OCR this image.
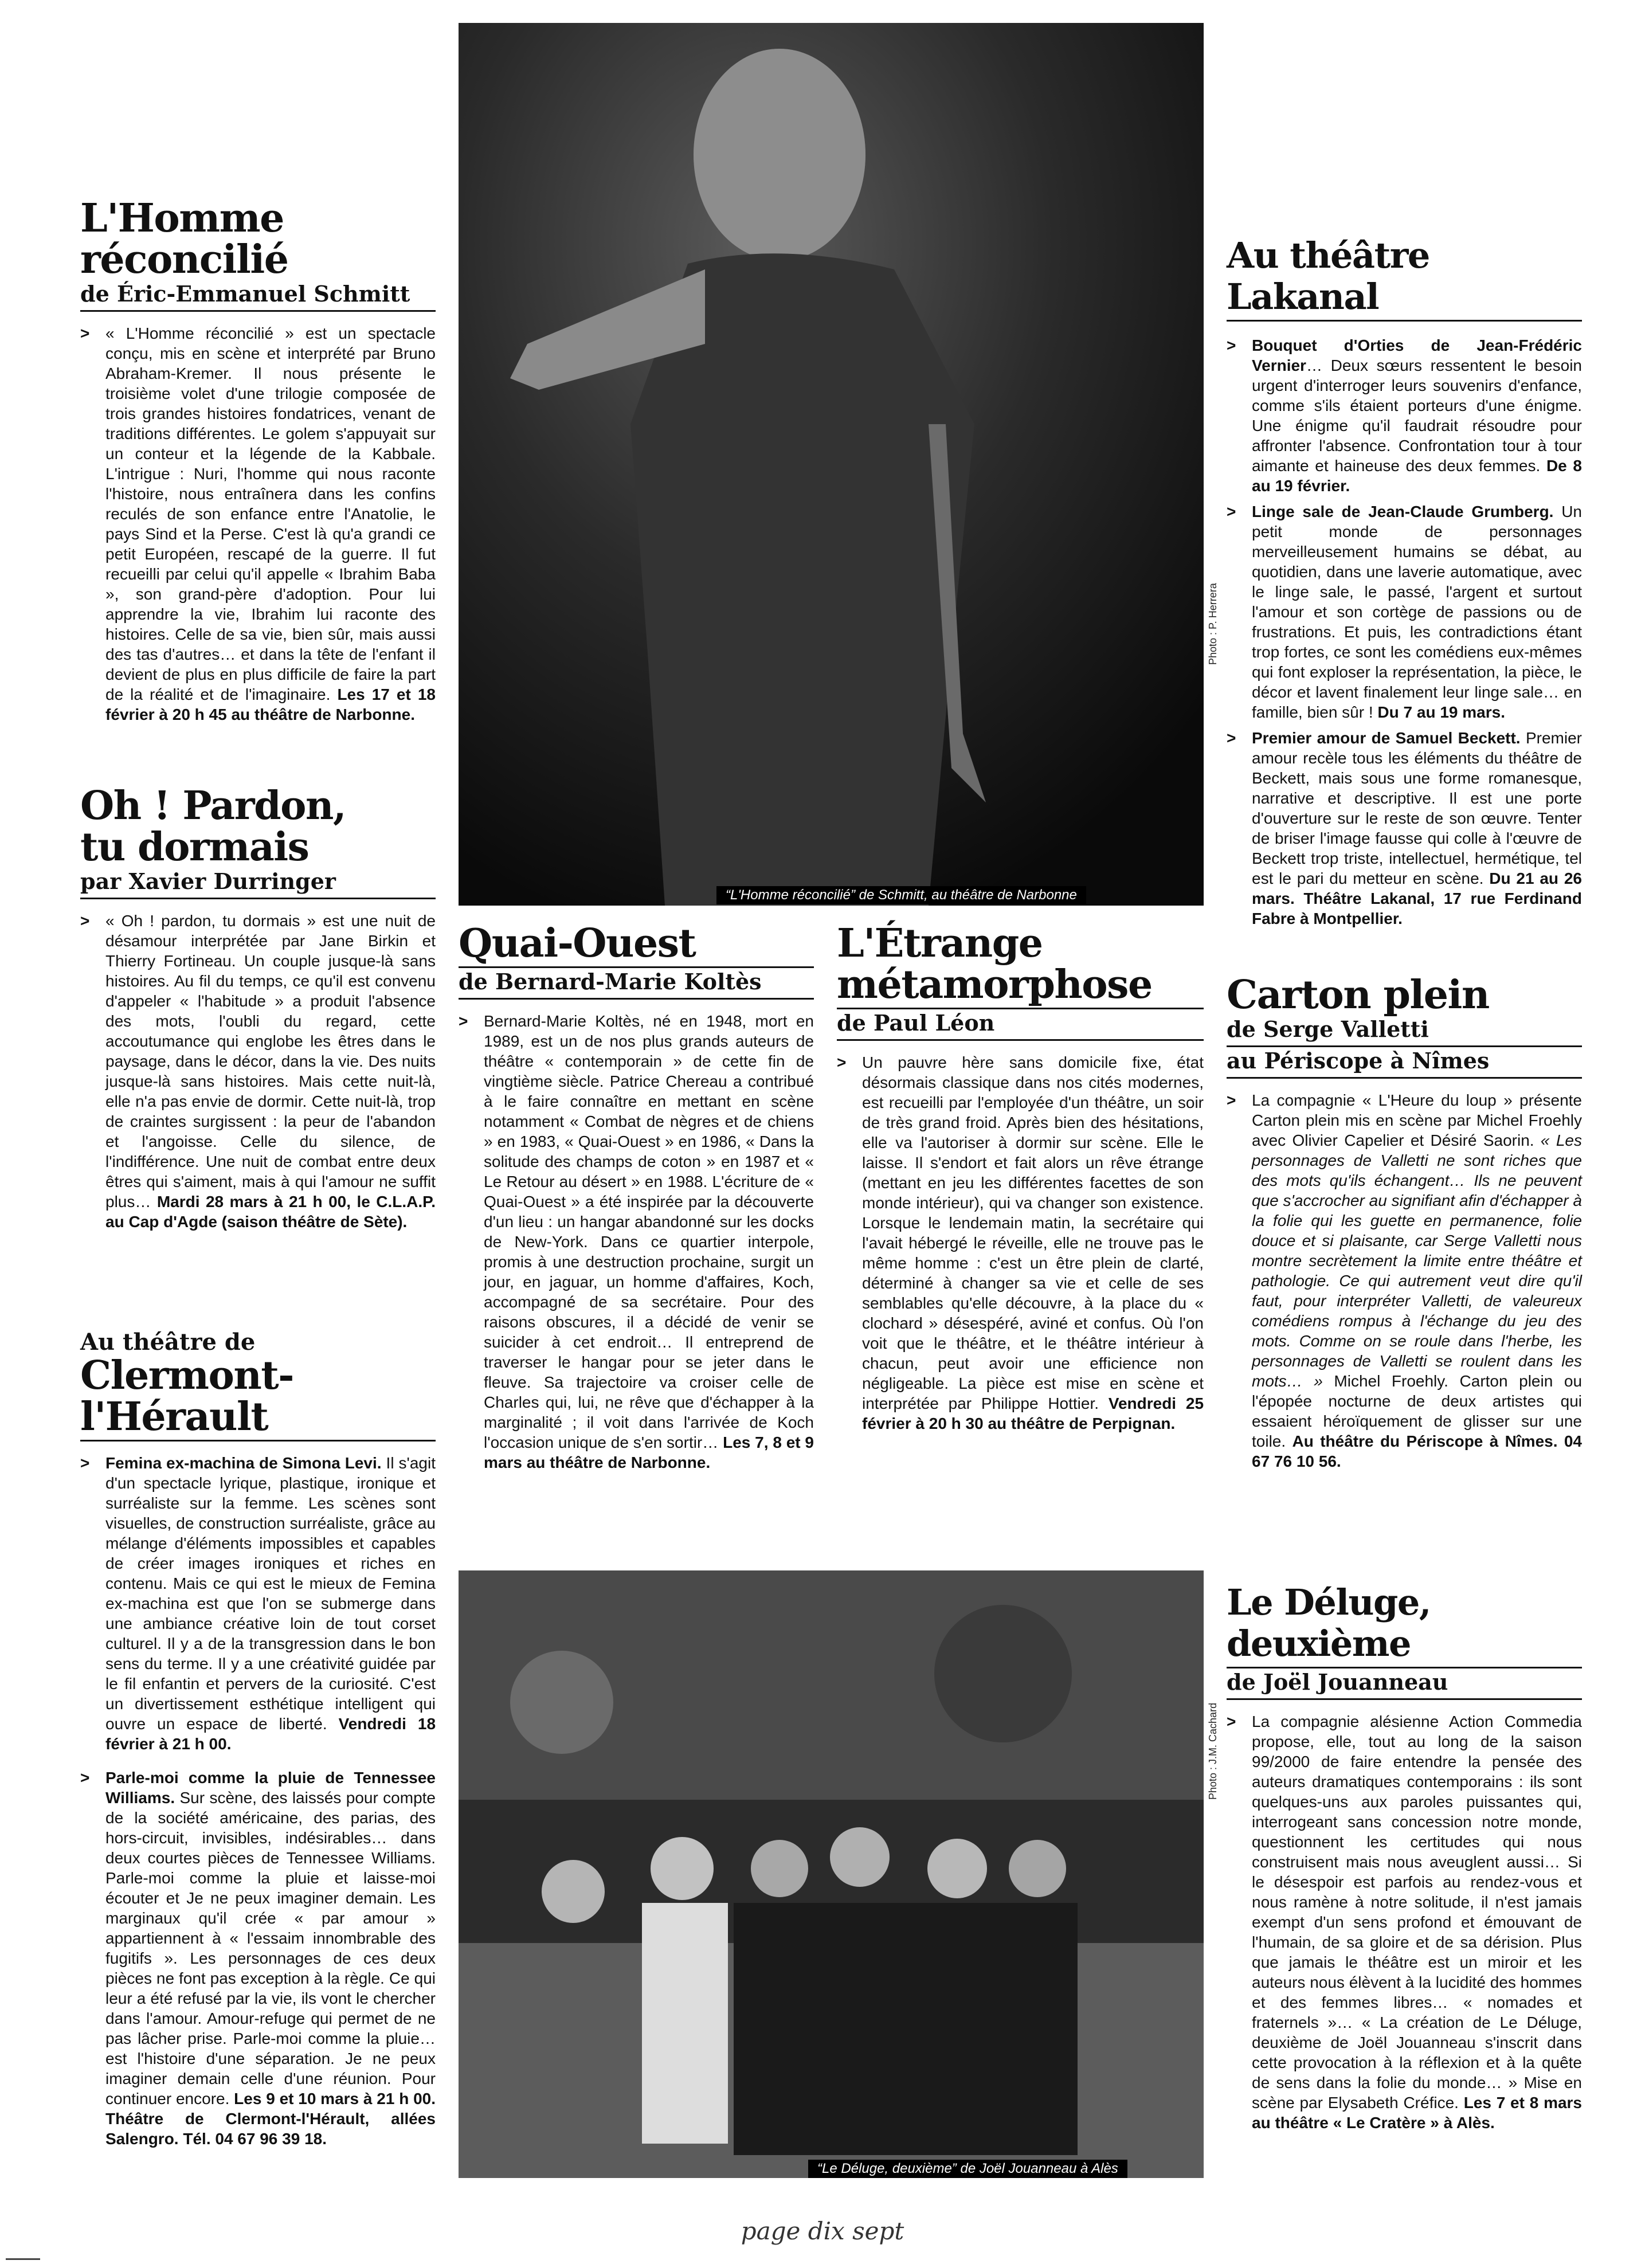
Photo : P. Herrera
“L'Homme réconcilié” de Schmitt, au théâtre de Narbonne
L'Homme réconcilié
de Éric-Emmanuel Schmitt

> « L'Homme réconcilié » est un spectacle conçu, mis en scène et interprété par Bruno Abraham-Kremer. Il nous présente le troisième volet d'une trilogie composée de trois grandes histoires fondatrices, venant de traditions différentes. Le golem s'appuyait sur un conteur et la légende de la Kabbale. L'intrigue : Nuri, l'homme qui nous raconte l'histoire, nous entraînera dans les confins reculés de son enfance entre l'Anatolie, le pays Sind et la Perse. C'est là qu'a grandi ce petit Européen, rescapé de la guerre. Il fut recueilli par celui qu'il appelle « Ibrahim Baba », son grand-père d'adoption. Pour lui apprendre la vie, Ibrahim lui raconte des histoires. Celle de sa vie, bien sûr, mais aussi des tas d'autres… et dans la tête de l'enfant il devient de plus en plus difficile de faire la part de la réalité et de l'imaginaire. Les 17 et 18 février à 20 h 45 au théâtre de Narbonne.

Oh ! Pardon,
tu dormais
par Xavier Durringer

> « Oh ! pardon, tu dormais » est une nuit de désamour interprétée par Jane Birkin et Thierry Fortineau. Un couple jusque-là sans histoires. Au fil du temps, ce qu'il est convenu d'appeler « l'habitude » a produit l'absence des mots, l'oubli du regard, cette accoutumance qui englobe les êtres dans le paysage, dans le décor, dans la vie. Des nuits jusque-là sans histoires. Mais cette nuit-là, elle n'a pas envie de dormir. Cette nuit-là, trop de craintes surgissent : la peur de l'abandon et l'angoisse. Celle du silence, de l'indifférence. Une nuit de combat entre deux êtres qui s'aiment, mais à qui l'amour ne suffit plus… Mardi 28 mars à 21 h 00, le C.L.A.P. au Cap d'Agde (saison théâtre de Sète).

Au théâtre de
Clermont-l'Hérault

> Femina ex-machina de Simona Levi. Il s'agit d'un spectacle lyrique, plastique, ironique et surréaliste sur la femme. Les scènes sont visuelles, de construction surréaliste, grâce au mélange d'éléments impossibles et capables de créer images ironiques et riches en contenu. Mais ce qui est le mieux de Femina ex-machina est que l'on se submerge dans une ambiance créative loin de tout corset culturel. Il y a de la transgression dans le bon sens du terme. Il y a une créativité guidée par le fil enfantin et pervers de la curiosité. C'est un divertissement esthétique intelligent qui ouvre un espace de liberté. Vendredi 18 février à 21 h 00.

> Parle-moi comme la pluie de Tennessee Williams. Sur scène, des laissés pour compte de la société américaine, des parias, des hors-circuit, invisibles, indésirables… dans deux courtes pièces de Tennessee Williams. Parle-moi comme la pluie et laisse-moi écouter et Je ne peux imaginer demain. Les marginaux qu'il crée « par amour » appartiennent à « l'essaim innombrable des fugitifs ». Les personnages de ces deux pièces ne font pas exception à la règle. Ce qui leur a été refusé par la vie, ils vont le chercher dans l'amour. Amour-refuge qui permet de ne pas lâcher prise. Parle-moi comme la pluie… est l'histoire d'une séparation. Je ne peux imaginer demain celle d'une réunion. Pour continuer encore. Les 9 et 10 mars à 21 h 00. Théâtre de Clermont-l'Hérault, allées Salengro. Tél. 04 67 96 39 18.

Quai-Ouest
de Bernard-Marie Koltès

> Bernard-Marie Koltès, né en 1948, mort en 1989, est un de nos plus grands auteurs de théâtre « contemporain » de cette fin de vingtième siècle. Patrice Chereau a contribué à le faire connaître en mettant en scène notamment « Combat de nègres et de chiens » en 1983, « Quai-Ouest » en 1986, « Dans la solitude des champs de coton » en 1987 et « Le Retour au désert » en 1988. L'écriture de « Quai-Ouest » a été inspirée par la découverte d'un lieu : un hangar abandonné sur les docks de New-York. Dans ce quartier interpole, promis à une destruction prochaine, surgit un jour, en jaguar, un homme d'affaires, Koch, accompagné de sa secrétaire. Pour des raisons obscures, il a décidé de venir se suicider à cet endroit… Il entreprend de traverser le hangar pour se jeter dans le fleuve. Sa trajectoire va croiser celle de Charles qui, lui, ne rêve que d'échapper à la marginalité ; il voit dans l'arrivée de Koch l'occasion unique de s'en sortir… Les 7, 8 et 9 mars au théâtre de Narbonne.

L'Étrange
métamorphose
de Paul Léon

> Un pauvre hère sans domicile fixe, état désormais classique dans nos cités modernes, est recueilli par l'employée d'un théâtre, un soir de très grand froid. Après bien des hésitations, elle va l'autoriser à dormir sur scène. Elle le laisse. Il s'endort et fait alors un rêve étrange (mettant en jeu les différentes facettes de son monde intérieur), qui va changer son existence. Lorsque le lendemain matin, la secrétaire qui l'avait hébergé le réveille, elle ne trouve pas le même homme : c'est un être plein de clarté, déterminé à changer sa vie et celle de ses semblables qu'elle découvre, à la place du « clochard » désespéré, aviné et confus. Où l'on voit que le théâtre, et le théâtre intérieur à chacun, peut avoir une efficience non négligeable. La pièce est mise en scène et interprétée par Philippe Hottier. Vendredi 25 février à 20 h 30 au théâtre de Perpignan.

Photo : J.M. Cachard
“Le Déluge, deuxième” de Joël Jouanneau à Alès
Au théâtre Lakanal

> Bouquet d'Orties de Jean-Frédéric Vernier… Deux sœurs ressentent le besoin urgent d'interroger leurs souvenirs d'enfance, comme s'ils étaient porteurs d'une énigme. Une énigme qu'il faudrait résoudre pour affronter l'absence. Confrontation tour à tour aimante et haineuse des deux femmes. De 8 au 19 février.

> Linge sale de Jean-Claude Grumberg. Un petit monde de personnages merveilleusement humains se débat, au quotidien, dans une laverie automatique, avec le linge sale, le passé, l'argent et surtout l'amour et son cortège de passions ou de frustrations. Et puis, les contradictions étant trop fortes, ce sont les comédiens eux-mêmes qui font exploser la représentation, la pièce, le décor et lavent finalement leur linge sale… en famille, bien sûr ! Du 7 au 19 mars.

> Premier amour de Samuel Beckett. Premier amour recèle tous les éléments du théâtre de Beckett, mais sous une forme romanesque, narrative et descriptive. Il est une porte d'ouverture sur le reste de son œuvre. Tenter de briser l'image fausse qui colle à l'œuvre de Beckett trop triste, intellectuel, hermétique, tel est le pari du metteur en scène. Du 21 au 26 mars. Théâtre Lakanal, 17 rue Ferdinand Fabre à Montpellier.

Carton plein
de Serge Valletti
au Périscope à Nîmes

> La compagnie « L'Heure du loup » présente Carton plein mis en scène par Michel Froehly avec Olivier Capelier et Désiré Saorin. « Les personnages de Valletti ne sont riches que des mots qu'ils échangent… Ils ne peuvent que s'accrocher au signifiant afin d'échapper à la folie qui les guette en permanence, folie douce et si plaisante, car Serge Valletti nous montre secrètement la limite entre théâtre et pathologie. Ce qui autrement veut dire qu'il faut, pour interpréter Valletti, de valeureux comédiens rompus à l'échange du jeu des mots. Comme on se roule dans l'herbe, les personnages de Valletti se roulent dans les mots… » Michel Froehly. Carton plein ou l'épopée nocturne de deux artistes qui essaient héroïquement de glisser sur une toile. Au théâtre du Périscope à Nîmes. 04 67 76 10 56.

Le Déluge, deuxième
de Joël Jouanneau

> La compagnie alésienne Action Commedia propose, elle, tout au long de la saison 99/2000 de faire entendre la pensée des auteurs dramatiques contemporains : ils sont quelques-uns aux paroles puissantes qui, interrogeant sans concession notre monde, questionnent les certitudes qui nous construisent mais nous aveuglent aussi… Si le désespoir est parfois au rendez-vous et nous ramène à notre solitude, il n'est jamais exempt d'un sens profond et émouvant de l'humain, de sa gloire et de sa dérision. Plus que jamais le théâtre est un miroir et les auteurs nous élèvent à la lucidité des hommes et des femmes libres… « nomades et fraternels »… « La création de Le Déluge, deuxième de Joël Jouanneau s'inscrit dans cette provocation à la réflexion et à la quête de sens dans la folie du monde… » Mise en scène par Elysabeth Créfice. Les 7 et 8 mars au théâtre « Le Cratère » à Alès.

page dix sept
